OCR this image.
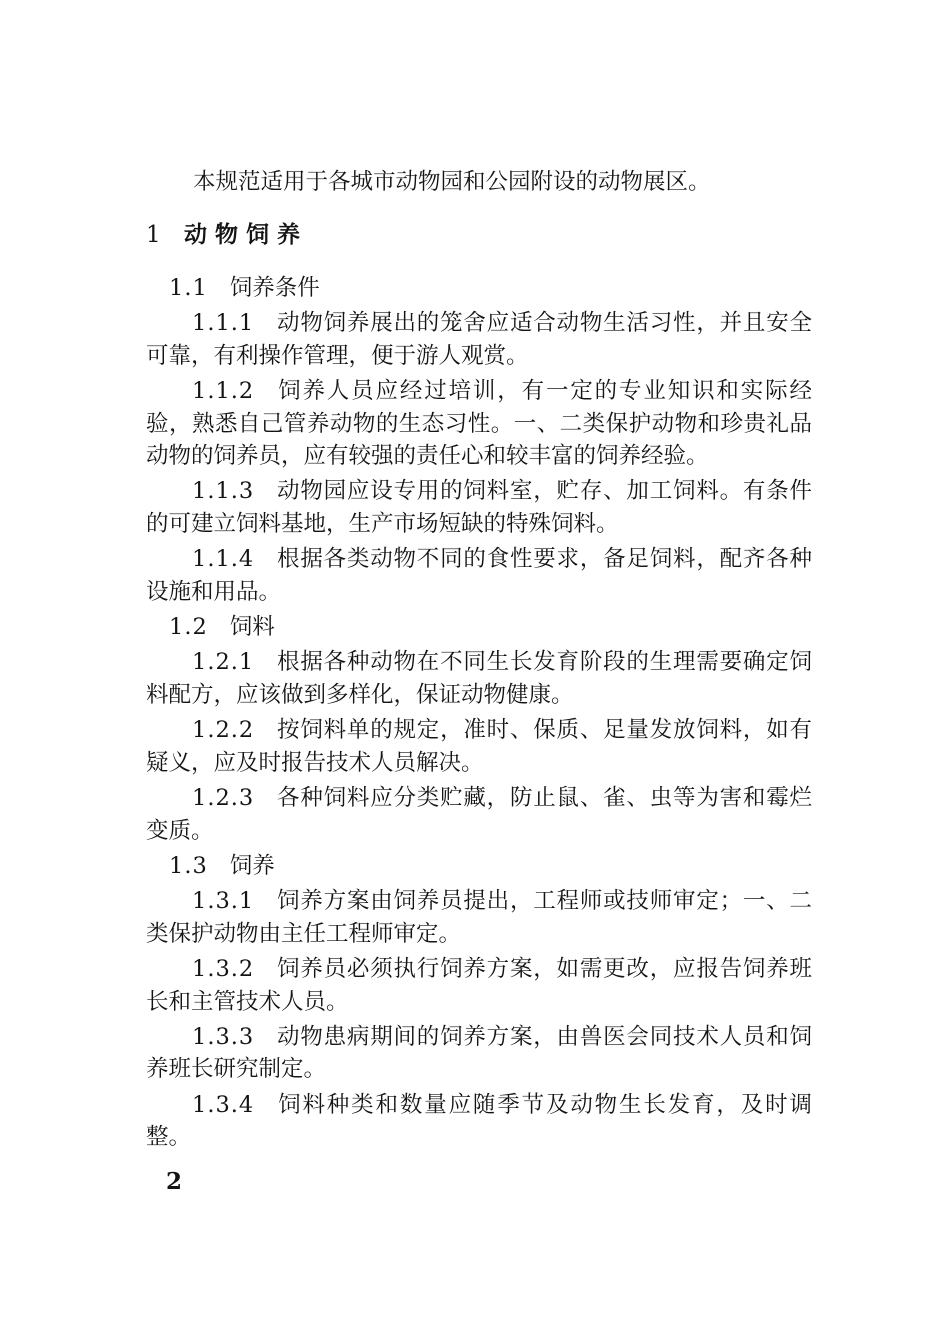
本规范适用于各城市动物园和公园附设的动物展区。
1 动物饲养
1.1 饲养条件
1.1.1 动物饲养展出的笼舍应适合动物生活习性，并且安全可靠，有利操作管理，便于游人观赏。
1.1.2 饲养人员应经过培训，有一定的专业知识和实际经验，熟悉自己管养动物的生态习性。一、二类保护动物和珍贵礼品动物的饲养员，应有较强的责任心和较丰富的饲养经验。
1.1.3 动物园应设专用的饲料室，贮存、加工饲料。有条件的可建立饲料基地，生产市场短缺的特殊饲料。
1.1.4 根据各类动物不同的食性要求，备足饲料，配齐各种设施和用品。
1.2 饲料
1.2.1 根据各种动物在不同生长发育阶段的生理需要确定饲料配方，应该做到多样化，保证动物健康。
1.2.2 按饲料单的规定，准时、保质、足量发放饲料，如有疑义，应及时报告技术人员解决。
1.2.3 各种饲料应分类贮藏，防止鼠、雀、虫等为害和霉烂变质。
1.3 饲养
1.3.1 饲养方案由饲养员提出，工程师或技师审定；一、二类保护动物由主任工程师审定。
1.3.2 饲养员必须执行饲养方案，如需更改，应报告饲养班长和主管技术人员。
1.3.3 动物患病期间的饲养方案，由兽医会同技术人员和饲养班长研究制定。
1.3.4 饲料种类和数量应随季节及动物生长发育，及时调整。
2
